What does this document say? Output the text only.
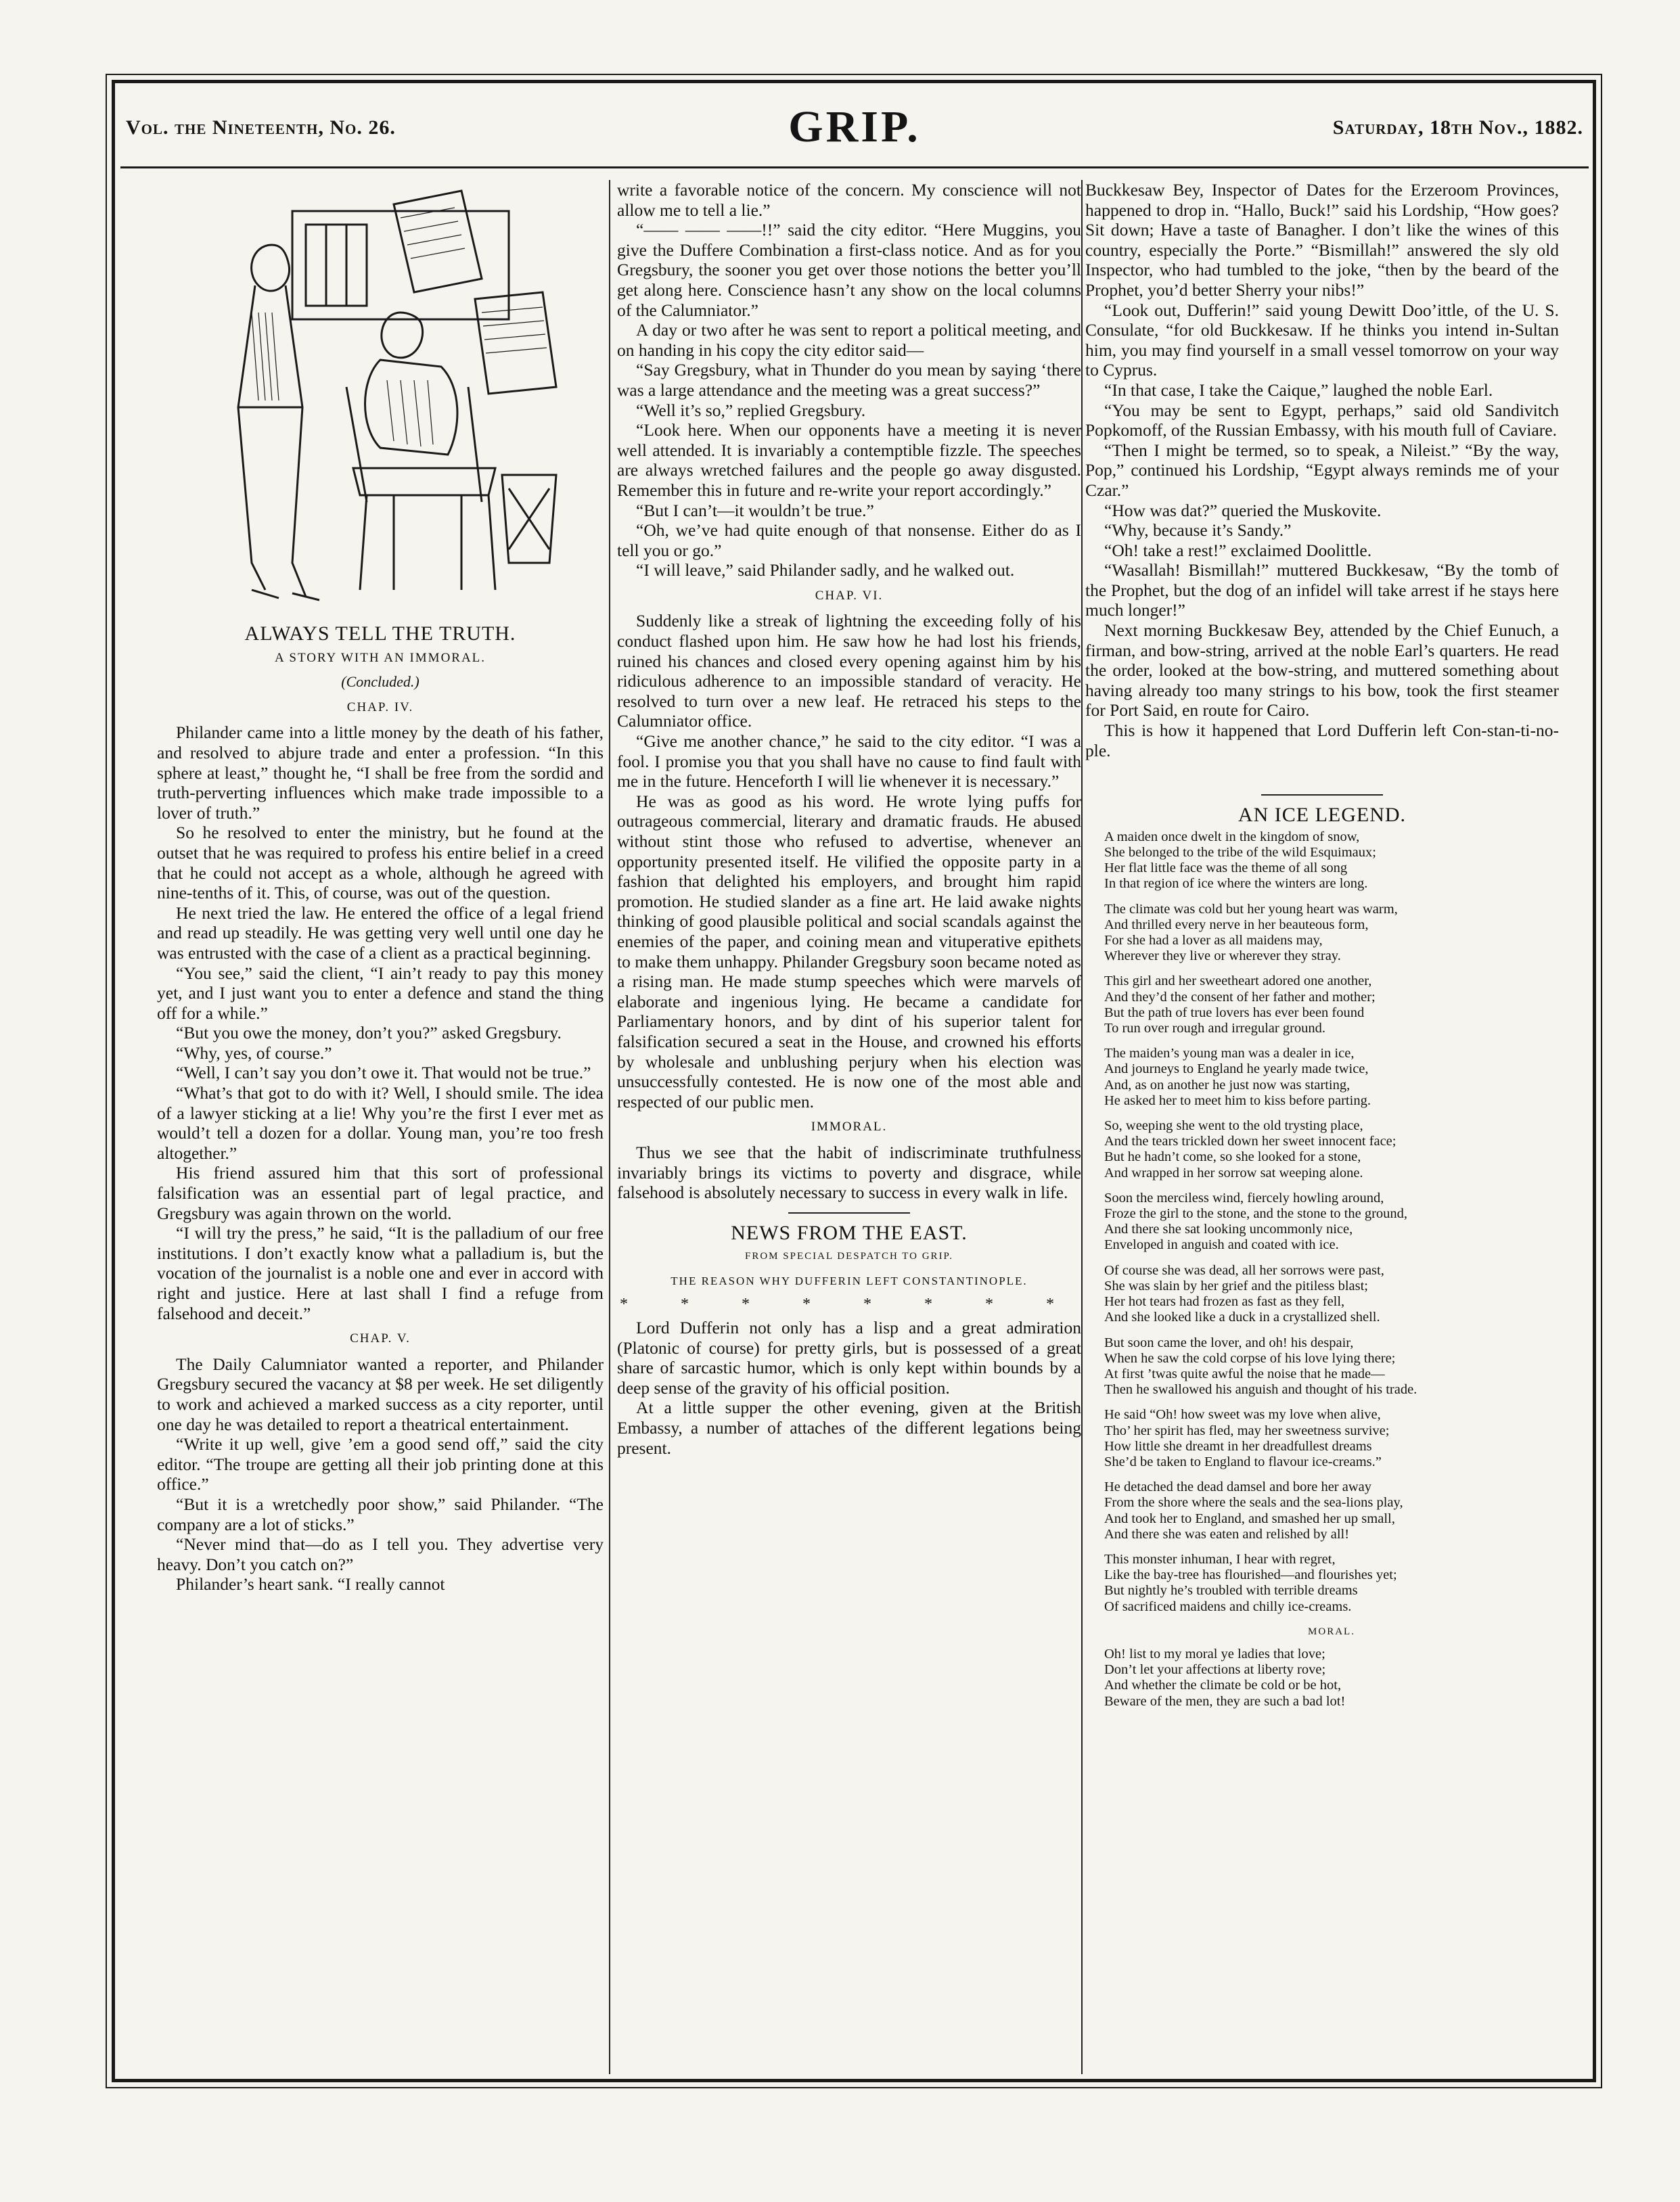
Vol. the Nineteenth, No. 26.	GRIP.	Saturday, 18th Nov., 1882.
ALWAYS TELL THE TRUTH.
A STORY WITH AN IMMORAL.
(Concluded.)
CHAP. IV.

Philander came into a little money by the death of his father, and resolved to abjure trade and enter a profession. “In this sphere at least,” thought he, “I shall be free from the sordid and truth-perverting influences which make trade impossible to a lover of truth.”

So he resolved to enter the ministry, but he found at the outset that he was required to profess his entire belief in a creed that he could not accept as a whole, although he agreed with nine-tenths of it. This, of course, was out of the question.

He next tried the law. He entered the office of a legal friend and read up steadily. He was getting very well until one day he was entrusted with the case of a client as a practical beginning.

“You see,” said the client, “I ain’t ready to pay this money yet, and I just want you to enter a defence and stand the thing off for a while.”

“But you owe the money, don’t you?” asked Gregsbury.

“Why, yes, of course.”

“Well, I can’t say you don’t owe it. That would not be true.”

“What’s that got to do with it? Well, I should smile. The idea of a lawyer sticking at a lie! Why you’re the first I ever met as would’t tell a dozen for a dollar. Young man, you’re too fresh altogether.”

His friend assured him that this sort of professional falsification was an essential part of legal practice, and Gregsbury was again thrown on the world.

“I will try the press,” he said, “It is the palladium of our free institutions. I don’t exactly know what a palladium is, but the vocation of the journalist is a noble one and ever in accord with right and justice. Here at last shall I find a refuge from falsehood and deceit.”

CHAP. V.

The Daily Calumniator wanted a reporter, and Philander Gregsbury secured the vacancy at $8 per week. He set diligently to work and achieved a marked success as a city reporter, until one day he was detailed to report a theatrical entertainment.

“Write it up well, give ’em a good send off,” said the city editor. “The troupe are getting all their job printing done at this office.”

“But it is a wretchedly poor show,” said Philander. “The company are a lot of sticks.”

“Never mind that—do as I tell you. They advertise very heavy. Don’t you catch on?”

Philander’s heart sank. “I really cannot

write a favorable notice of the concern. My conscience will not allow me to tell a lie.”

“—— —— ——!!” said the city editor. “Here Muggins, you give the Dufferе Combination a first-class notice. And as for you Gregsbury, the sooner you get over those notions the better you’ll get along here. Conscience hasn’t any show on the local columns of the Calumniator.”

A day or two after he was sent to report a political meeting, and on handing in his copy the city editor said—

“Say Gregsbury, what in Thunder do you mean by saying ‘there was a large attendance and the meeting was a great success?”

“Well it’s so,” replied Gregsbury.

“Look here. When our opponents have a meeting it is never well attended. It is invariably a contemptible fizzle. The speeches are always wretched failures and the people go away disgusted. Remember this in future and re-write your report accordingly.”

“But I can’t—it wouldn’t be true.”

“Oh, we’ve had quite enough of that nonsense. Either do as I tell you or go.”

“I will leave,” said Philander sadly, and he walked out.

CHAP. VI.

Suddenly like a streak of lightning the exceeding folly of his conduct flashed upon him. He saw how he had lost his friends, ruined his chances and closed every opening against him by his ridiculous adherence to an impossible standard of veracity. He resolved to turn over a new leaf. He retraced his steps to the Calumniator office.

“Give me another chance,” he said to the city editor. “I was a fool. I promise you that you shall have no cause to find fault with me in the future. Henceforth I will lie whenever it is necessary.”

He was as good as his word. He wrote lying puffs for outrageous commercial, literary and dramatic frauds. He abused without stint those who refused to advertise, whenever an opportunity presented itself. He vilified the opposite party in a fashion that delighted his employers, and brought him rapid promotion. He studied slander as a fine art. He laid awake nights thinking of good plausible political and social scandals against the enemies of the paper, and coining mean and vituperative epithets to make them unhappy. Philander Gregsbury soon became noted as a rising man. He made stump speeches which were marvels of elaborate and ingenious lying. He became a candidate for Parliamentary honors, and by dint of his superior talent for falsification secured a seat in the House, and crowned his efforts by wholesale and unblushing perjury when his election was unsuccessfully contested. He is now one of the most able and respected of our public men.

IMMORAL.

Thus we see that the habit of indiscriminate truthfulness invariably brings its victims to poverty and disgrace, while falsehood is absolutely necessary to success in every walk in life.

NEWS FROM THE EAST.
FROM SPECIAL DESPATCH TO GRIP.
THE REASON WHY DUFFERIN LEFT CONSTANTINOPLE.
* * * * * * * *

Lord Dufferin not only has a lisp and a great admiration (Platonic of course) for pretty girls, but is possessed of a great share of sarcastic humor, which is only kept within bounds by a deep sense of the gravity of his official position.

At a little supper the other evening, given at the British Embassy, a number of attaches of the different legations being present.

Buckkesaw Bey, Inspector of Dates for the Erzeroom Provinces, happened to drop in. “Hallo, Buck!” said his Lordship, “How goes? Sit down; Have a taste of Banagher. I don’t like the wines of this country, especially the Porte.” “Bismillah!” answered the sly old Inspector, who had tumbled to the joke, “then by the beard of the Prophet, you’d better Sherry your nibs!”

“Look out, Dufferin!” said young Dewitt Doo’ittle, of the U. S. Consulate, “for old Buckkesaw. If he thinks you intend in-Sultan him, you may find yourself in a small vessel tomorrow on your way to Cyprus.

“In that case, I take the Caique,” laughed the noble Earl.

“You may be sent to Egypt, perhaps,” said old Sandivitch Popkomoff, of the Russian Embassy, with his mouth full of Caviare.

“Then I might be termed, so to speak, a Nileist.” “By the way, Pop,” continued his Lordship, “Egypt always reminds me of your Czar.”

“How was dat?” queried the Muskovite.

“Why, because it’s Sandy.”

“Oh! take a rest!” exclaimed Doolittle.

“Wasallah! Bismillah!” muttered Buckkesaw, “By the tomb of the Prophet, but the dog of an infidel will take arrest if he stays here much longer!”

Next morning Buckkesaw Bey, attended by the Chief Eunuch, a firman, and bow-string, arrived at the noble Earl’s quarters. He read the order, looked at the bow-string, and muttered something about having already too many strings to his bow, took the first steamer for Port Said, en route for Cairo.

This is how it happened that Lord Dufferin left Con-stan-ti-no-ple.

AN ICE LEGEND.
A maiden once dwelt in the kingdom of snow,
She belonged to the tribe of the wild Esquimaux;
Her flat little face was the theme of all song
In that region of ice where the winters are long.
The climate was cold but her young heart was warm,
And thrilled every nerve in her beauteous form,
For she had a lover as all maidens may,
Wherever they live or wherever they stray.
This girl and her sweetheart adored one another,
And they’d the consent of her father and mother;
But the path of true lovers has ever been found
To run over rough and irregular ground.
The maiden’s young man was a dealer in ice,
And journeys to England he yearly made twice,
And, as on another he just now was starting,
He asked her to meet him to kiss before parting.
So, weeping she went to the old trysting place,
And the tears trickled down her sweet innocent face;
But he hadn’t come, so she looked for a stone,
And wrapped in her sorrow sat weeping alone.
Soon the merciless wind, fiercely howling around,
Froze the girl to the stone, and the stone to the ground,
And there she sat looking uncommonly nice,
Enveloped in anguish and coated with ice.
Of course she was dead, all her sorrows were past,
She was slain by her grief and the pitiless blast;
Her hot tears had frozen as fast as they fell,
And she looked like a duck in a crystallized shell.
But soon came the lover, and oh! his despair,
When he saw the cold corpse of his love lying there;
At first ’twas quite awful the noise that he made—
Then he swallowed his anguish and thought of his trade.
He said “Oh! how sweet was my love when alive,
Tho’ her spirit has fled, may her sweetness survive;
How little she dreamt in her dreadfullest dreams
She’d be taken to England to flavour ice-creams.”
He detached the dead damsel and bore her away
From the shore where the seals and the sea-lions play,
And took her to England, and smashed her up small,
And there she was eaten and relished by all!
This monster inhuman, I hear with regret,
Like the bay-tree has flourished—and flourishes yet;
But nightly he’s troubled with terrible dreams
Of sacrificed maidens and chilly ice-creams.
MORAL.
Oh! list to my moral ye ladies that love;
Don’t let your affections at liberty rove;
And whether the climate be cold or be hot,
Beware of the men, they are such a bad lot!
